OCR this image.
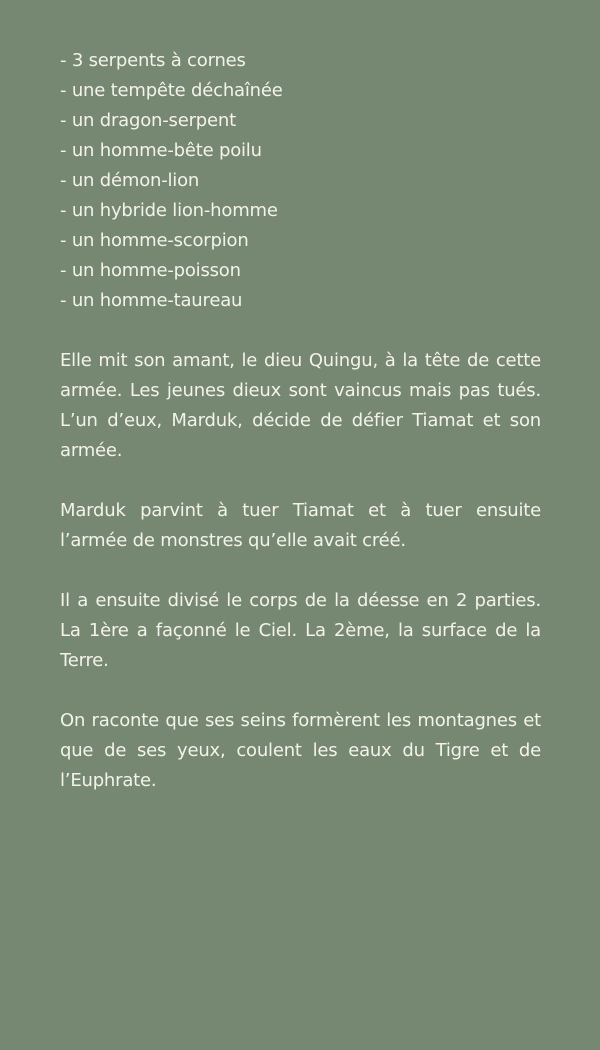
- 3 serpents à cornes
- une tempête déchaînée
- un dragon-serpent
- un homme-bête poilu
- un démon-lion
- un hybride lion-homme
- un homme-scorpion
- un homme-poisson
- un homme-taureau

Elle mit son amant, le dieu Quingu, à la tête de cette armée. Les jeunes dieux sont vaincus mais pas tués. L’un d’eux, Marduk, décide de défier Tiamat et son armée.

Marduk parvint à tuer Tiamat et à tuer ensuite l’armée de monstres qu’elle avait créé.

Il a ensuite divisé le corps de la déesse en 2 parties. La 1ère a façonné le Ciel. La 2ème, la surface de la Terre.

On raconte que ses seins formèrent les montagnes et que de ses yeux, coulent les eaux du Tigre et de l’Euphrate.
